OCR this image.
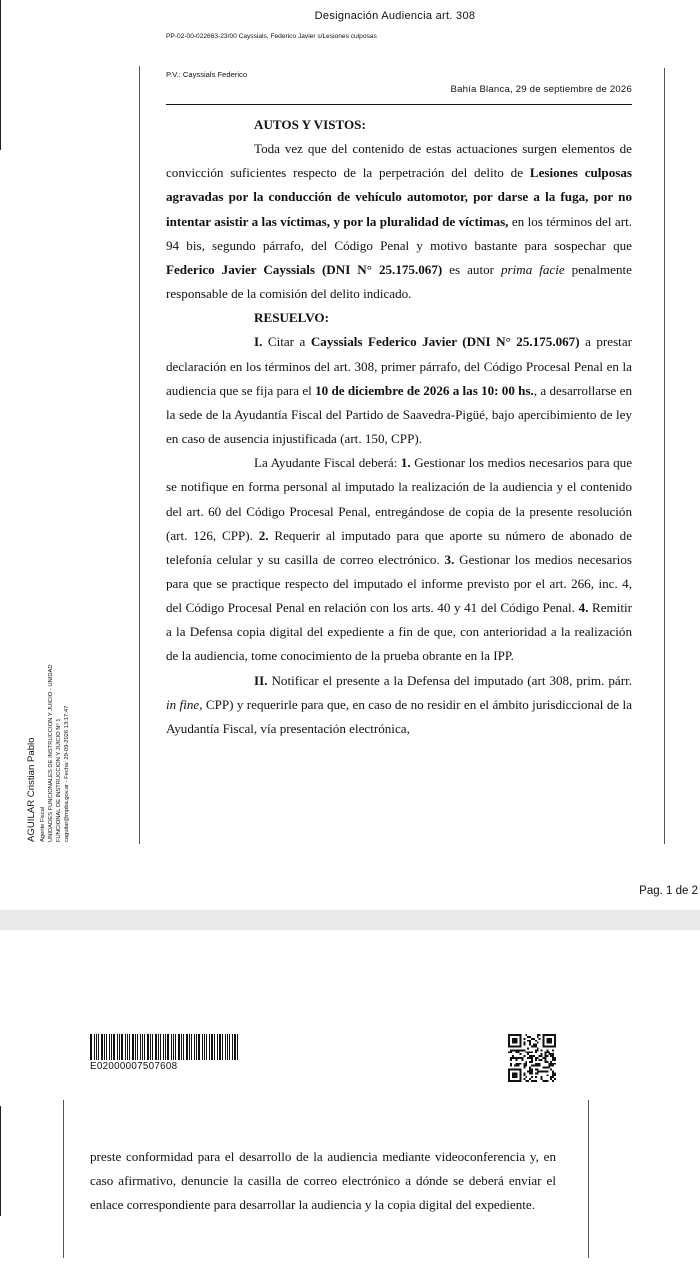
Designación Audiencia art. 308
PP-02-00-022663-23/00 Cayssials, Federico Javier s/Lesiones culposas
P.V.: Cayssials Federico
Bahía Blanca, 29 de septiembre de 2026

AUTOS Y VISTOS:

Toda vez que del contenido de estas actuaciones surgen elementos de convicción suficientes respecto de la perpetración del delito de Lesiones culposas agravadas por la conducción de vehículo automotor, por darse a la fuga, por no intentar asistir a las víctimas, y por la pluralidad de víctimas, en los términos del art. 94 bis, segundo párrafo, del Código Penal y motivo bastante para sospechar que Federico Javier Cayssials (DNI N° 25.175.067) es autor prima facie penalmente responsable de la comisión del delito indicado.

RESUELVO:

I. Citar a Cayssials Federico Javier (DNI N° 25.175.067) a prestar declaración en los términos del art. 308, primer párrafo, del Código Procesal Penal en la audiencia que se fija para el 10 de diciembre de 2026 a las 10: 00 hs., a desarrollarse en la sede de la Ayudantía Fiscal del Partido de Saavedra-Pigüé, bajo apercibimiento de ley en caso de ausencia injustificada (art. 150, CPP).

La Ayudante Fiscal deberá: 1. Gestionar los medios necesarios para que se notifique en forma personal al imputado la realización de la audiencia y el contenido del art. 60 del Código Procesal Penal, entregándose de copia de la presente resolución (art. 126, CPP). 2. Requerir al imputado para que aporte su número de abonado de telefonía celular y su casilla de correo electrónico. 3. Gestionar los medios necesarios para que se practique respecto del imputado el informe previsto por el art. 266, inc. 4, del Código Procesal Penal en relación con los arts. 40 y 41 del Código Penal. 4. Remitir a la Defensa copia digital del expediente a fin de que, con anterioridad a la realización de la audiencia, tome conocimiento de la prueba obrante en la IPP.

II. Notificar el presente a la Defensa del imputado (art 308, prim. párr. in fine, CPP) y requerirle para que, en caso de no residir en el ámbito jurisdiccional de la Ayudantía Fiscal, vía presentación electrónica,

AGUILAR Cristian Pablo Agente Fiscal UNIDADES FUNCIONALES DE INSTRUCCION Y JUICIO - UNIDAD FUNCIONAL DE INSTRUCCION Y JUICIO Nº 1 caguilar@mpba.gov.ar - Fecha: 29-09-2026 13:17:47
Pag. 1 de 2
E02000007507608

preste conformidad para el desarrollo de la audiencia mediante videoconferencia y, en caso afirmativo, denuncie la casilla de correo electrónico a dónde se deberá enviar el enlace correspondiente para desarrollar la audiencia y la copia digital del expediente.
